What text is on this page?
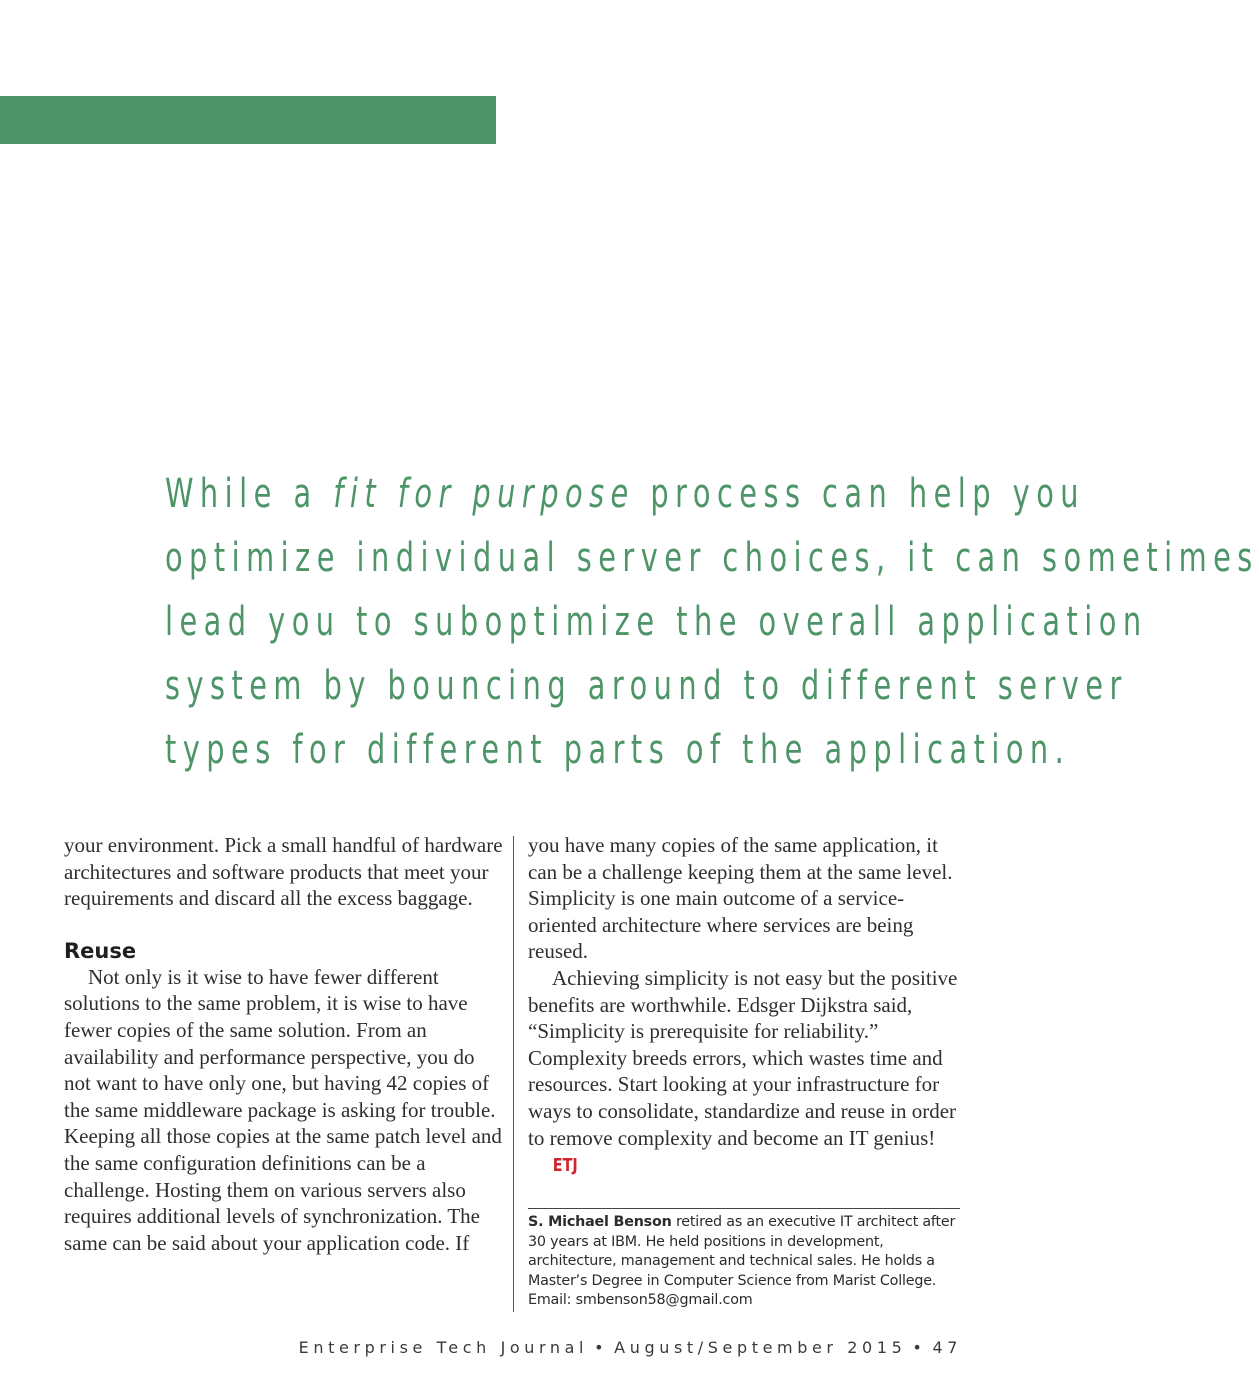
While a fit for purpose process can help you
optimize individual server choices, it can sometimes
lead you to suboptimize the overall application
system by bouncing around to different server
types for different parts of the application.
your environment. Pick a small handful of hardware architectures and software products that meet your requirements and discard all the excess baggage.
Reuse
Not only is it wise to have fewer different solutions to the same problem, it is wise to have fewer copies of the same solution. From an availability and performance perspective, you do not want to have only one, but having 42 copies of the same middleware package is asking for trouble. Keeping all those copies at the same patch level and the same configuration definitions can be a challenge. Hosting them on various servers also requires additional levels of synchronization. The same can be said about your application code. If
you have many copies of the same application, it can be a challenge keeping them at the same level. Simplicity is one main outcome of a service-oriented architecture where services are being reused.
Achieving simplicity is not easy but the positive benefits are worthwhile. Edsger Dijkstra said, “Simplicity is prerequisite for reliability.” Complexity breeds errors, which wastes time and resources. Start looking at your infrastructure for ways to consolidate, standardize and reuse in order to remove complexity and become an IT genius! ETJ
S. Michael Benson retired as an executive IT architect after 30 years at IBM. He held positions in development, architecture, management and technical sales. He holds a Master’s Degree in Computer Science from Marist College. Email: smbenson58@gmail.com
Enterprise Tech Journal • August/September 2015 • 47
